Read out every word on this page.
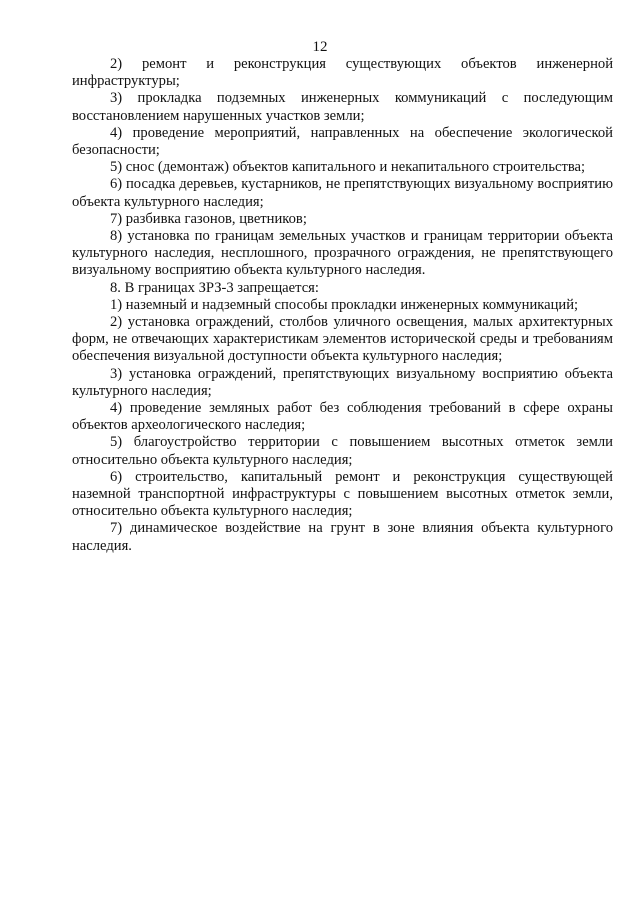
12

2) ремонт и реконструкция существующих объектов инженерной инфраструктуры;

3) прокладка подземных инженерных коммуникаций с последующим восстановлением нарушенных участков земли;

4) проведение мероприятий, направленных на обеспечение экологической безопасности;

5) снос (демонтаж) объектов капитального и некапитального строительства;

6) посадка деревьев, кустарников, не препятствующих визуальному восприятию объекта культурного наследия;

7) разбивка газонов, цветников;

8) установка по границам земельных участков и границам территории объекта культурного наследия, несплошного, прозрачного ограждения, не препятствующего визуальному восприятию объекта культурного наследия.

8. В границах ЗРЗ-3 запрещается:

1) наземный и надземный способы прокладки инженерных коммуникаций;

2) установка ограждений, столбов уличного освещения, малых архитектурных форм, не отвечающих характеристикам элементов исторической среды и требованиям обеспечения визуальной доступности объекта культурного наследия;

3) установка ограждений, препятствующих визуальному восприятию объекта культурного наследия;

4) проведение земляных работ без соблюдения требований в сфере охраны объектов археологического наследия;

5) благоустройство территории с повышением высотных отметок земли относительно объекта культурного наследия;

6) строительство, капитальный ремонт и реконструкция существующей наземной транспортной инфраструктуры с повышением высотных отметок земли, относительно объекта культурного наследия;

7) динамическое воздействие на грунт в зоне влияния объекта культурного наследия.
